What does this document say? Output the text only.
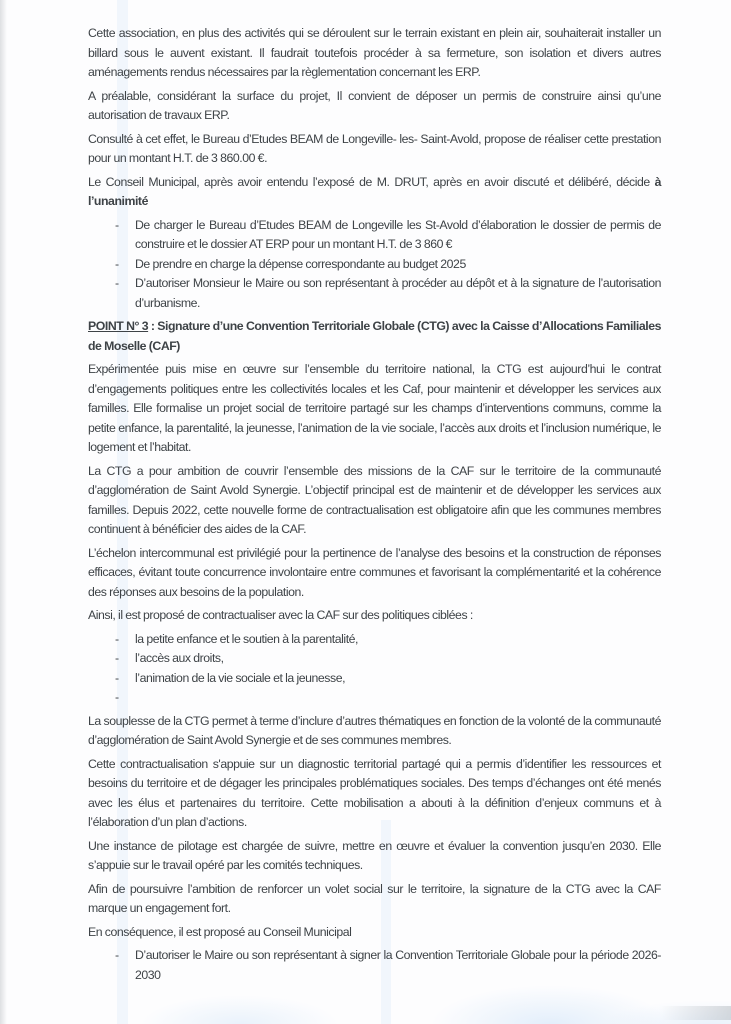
Cette association, en plus des activités qui se déroulent sur le terrain existant en plein air, souhaiterait installer un billard sous le auvent existant. Il faudrait toutefois procéder à sa fermeture, son isolation et divers autres aménagements rendus nécessaires par la règlementation concernant les ERP.

A préalable, considérant la surface du projet, Il convient de déposer un permis de construire ainsi qu’une autorisation de travaux ERP.

Consulté à cet effet, le Bureau d’Etudes BEAM de Longeville- les- Saint-Avold, propose de réaliser cette prestation pour un montant H.T. de 3 860.00 €.

Le Conseil Municipal, après avoir entendu l’exposé de M. DRUT, après en avoir discuté et délibéré, décide à l’unanimité

-	De charger le Bureau d’Etudes BEAM de Longeville les St-Avold d’élaboration le dossier de permis de construire et le dossier AT ERP pour un montant H.T. de 3 860 €
-	De prendre en charge la dépense correspondante au budget 2025
-	D’autoriser Monsieur le Maire ou son représentant à procéder au dépôt et à la signature de l’autorisation d’urbanisme.

POINT N° 3 : Signature d’une Convention Territoriale Globale (CTG) avec la Caisse d’Allocations Familiales de Moselle (CAF)

Expérimentée puis mise en œuvre sur l’ensemble du territoire national, la CTG est aujourd’hui le contrat d’engagements politiques entre les collectivités locales et les Caf, pour maintenir et développer les services aux familles. Elle formalise un projet social de territoire partagé sur les champs d’interventions communs, comme la petite enfance, la parentalité, la jeunesse, l’animation de la vie sociale, l’accès aux droits et l’inclusion numérique, le logement et l’habitat.

La CTG a pour ambition de couvrir l’ensemble des missions de la CAF sur le territoire de la communauté d’agglomération de Saint Avold Synergie. L’objectif principal est de maintenir et de développer les services aux familles. Depuis 2022, cette nouvelle forme de contractualisation est obligatoire afin que les communes membres continuent à bénéficier des aides de la CAF.

L’échelon intercommunal est privilégié pour la pertinence de l’analyse des besoins et la construction de réponses efficaces, évitant toute concurrence involontaire entre communes et favorisant la complémentarité et la cohérence des réponses aux besoins de la population.

Ainsi, il est proposé de contractualiser avec la CAF sur des politiques ciblées :

-	la petite enfance et le soutien à la parentalité,
-	l’accès aux droits,
-	l’animation de la vie sociale et la jeunesse,
-

La souplesse de la CTG permet à terme d’inclure d’autres thématiques en fonction de la volonté de la communauté d’agglomération de Saint Avold Synergie et de ses communes membres.

Cette contractualisation s'appuie sur un diagnostic territorial partagé qui a permis d’identifier les ressources et besoins du territoire et de dégager les principales problématiques sociales. Des temps d’échanges ont été menés avec les élus et partenaires du territoire. Cette mobilisation a abouti à la définition d’enjeux communs et à l’élaboration d’un plan d’actions.

Une instance de pilotage est chargée de suivre, mettre en œuvre et évaluer la convention jusqu’en 2030. Elle s’appuie sur le travail opéré par les comités techniques.

Afin de poursuivre l’ambition de renforcer un volet social sur le territoire, la signature de la CTG avec la CAF marque un engagement fort.

En conséquence, il est proposé au Conseil Municipal

-	D’autoriser le Maire ou son représentant à signer la Convention Territoriale Globale pour la période 2026-2030
